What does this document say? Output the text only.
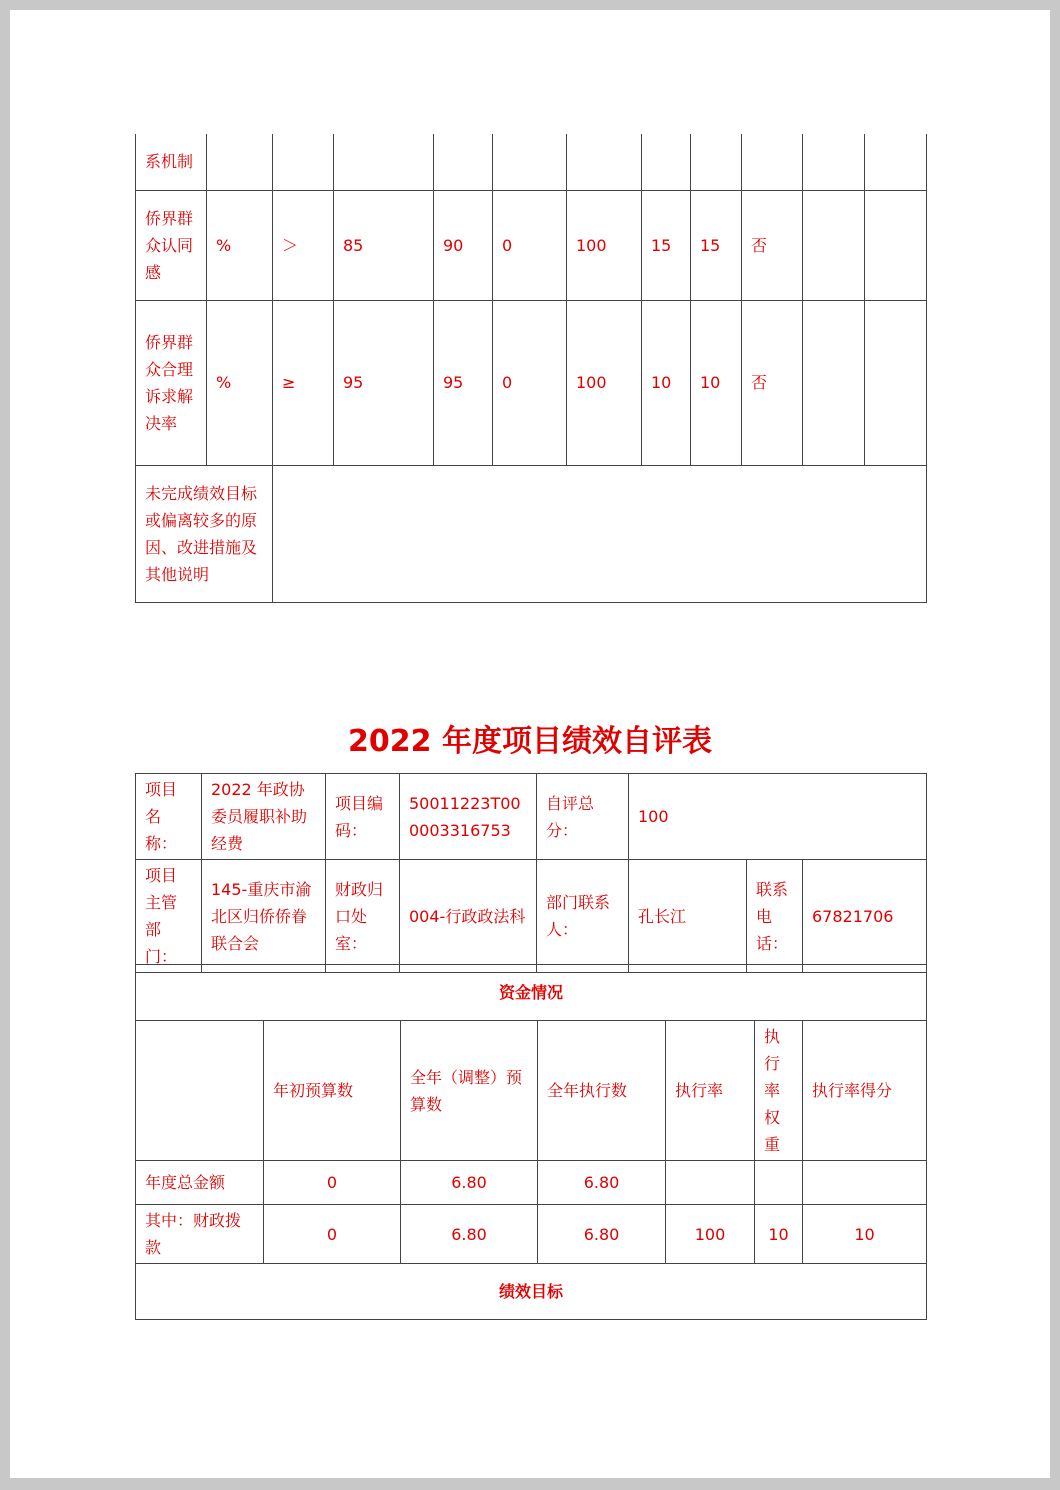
系机制											
侨界群众认同感	%	＞	85	90	0	100	15	15	否		
侨界群众合理诉求解决率	%	≥	95	95	0	100	10	10	否		
未完成绩效目标或偏离较多的原因、改进措施及其他说明											
2022 年度项目绩效自评表
项目名称：	2022 年政协委员履职补助经费	项目编码：	50011223T000003316753	自评总分：	100		
项目主管部门：	145-重庆市渝北区归侨侨眷联合会	财政归口处室：	004-行政政法科	部门联系人：	孔长江	联系电话：	67821706
资金情况						
	年初预算数	全年（调整）预算数	全年执行数	执行率	执行率权重	执行率得分
年度总金额	0	6.80	6.80			
其中：财政拨款	0	6.80	6.80	100	10	10
绩效目标						
